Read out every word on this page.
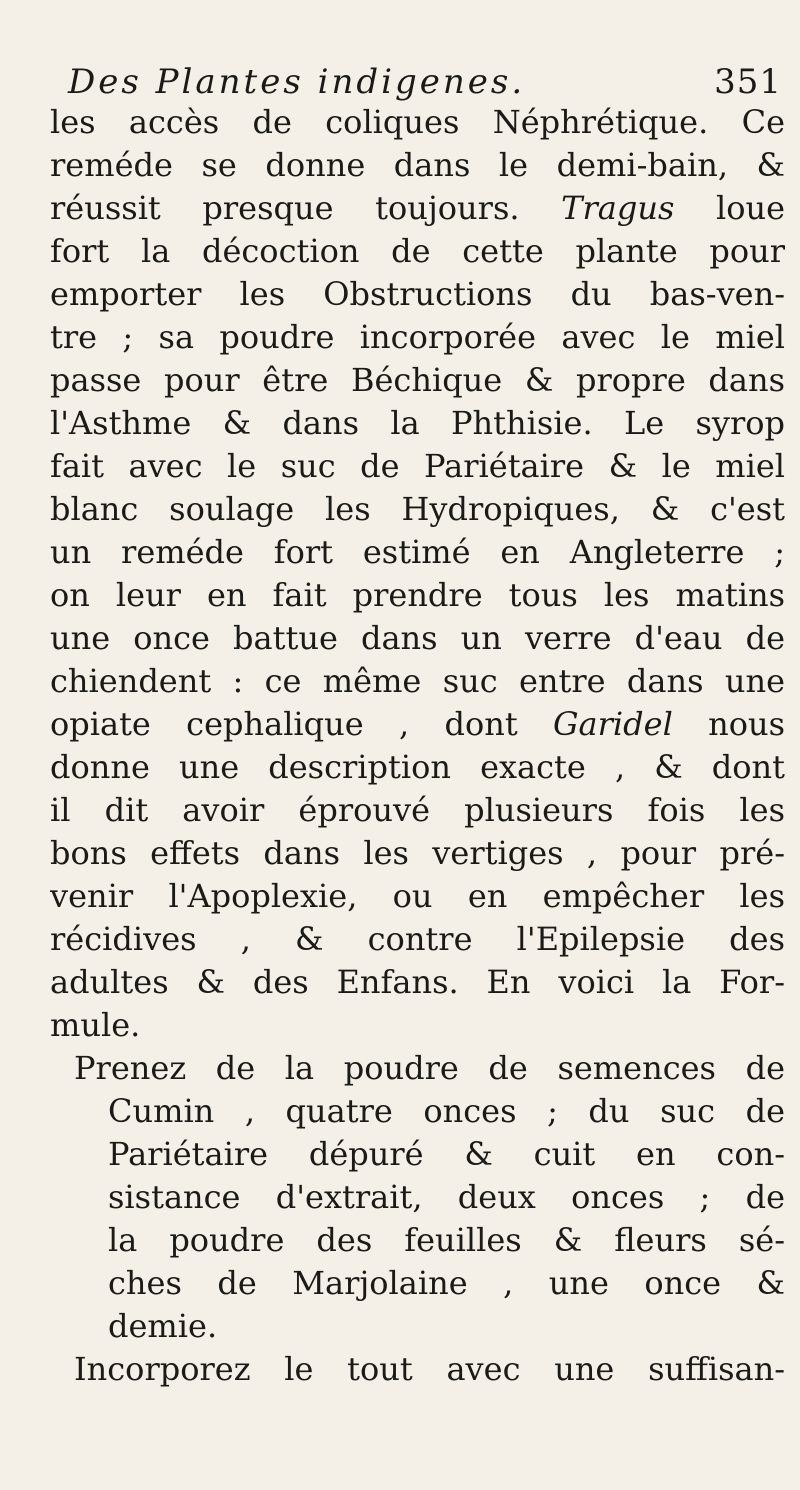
Des Plantes indigenes.	351
les accès de coliques Néphrétique. Ce
reméde se donne dans le demi-bain, &
réussit presque toujours. Tragus loue
fort la décoction de cette plante pour
emporter les Obstructions du bas-ven-
tre ; sa poudre incorporée avec le miel
passe pour être Béchique & propre dans
l'Asthme & dans la Phthisie. Le syrop
fait avec le suc de Pariétaire & le miel
blanc soulage les Hydropiques, & c'est
un reméde fort estimé en Angleterre ;
on leur en fait prendre tous les matins
une once battue dans un verre d'eau de
chiendent : ce même suc entre dans une
opiate cephalique , dont Garidel nous
donne une description exacte , & dont
il dit avoir éprouvé plusieurs fois les
bons effets dans les vertiges , pour pré-
venir l'Apoplexie, ou en empêcher les
récidives , & contre l'Epilepsie des
adultes & des Enfans. En voici la For-
mule.
Prenez de la poudre de semences de
Cumin , quatre onces ; du suc de
Pariétaire dépuré & cuit en con-
sistance d'extrait, deux onces ; de
la poudre des feuilles & fleurs sé-
ches de Marjolaine , une once &
demie.
Incorporez le tout avec une suffisan-
